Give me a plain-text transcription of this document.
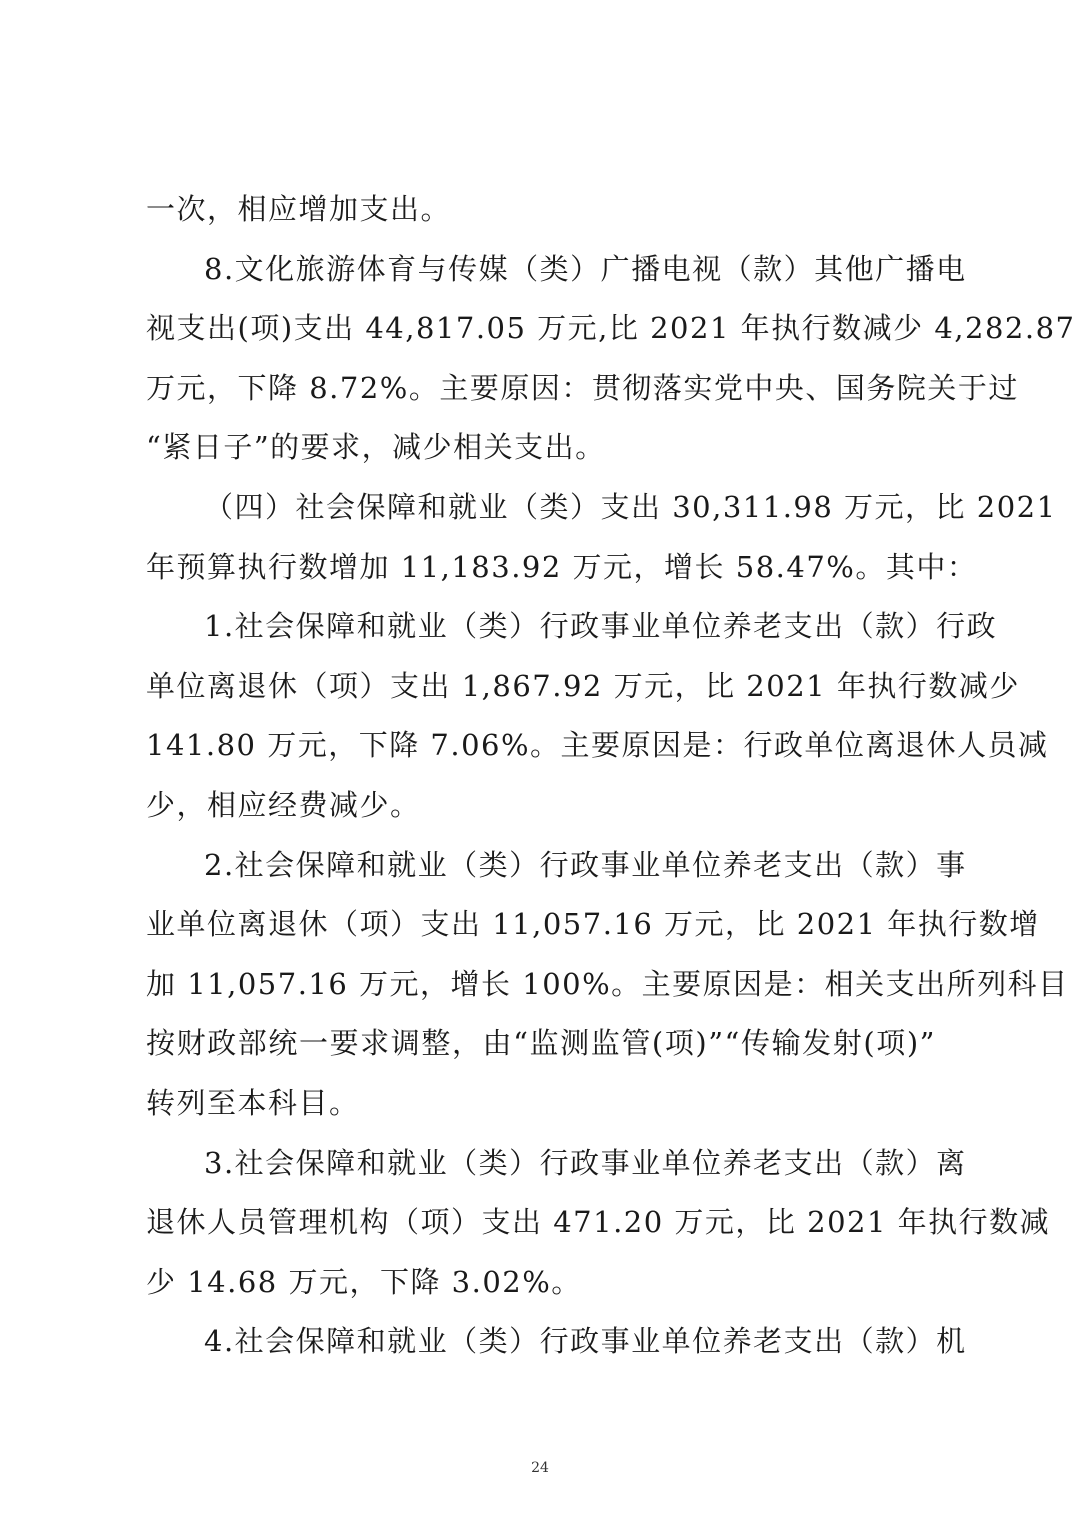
一次，相应增加支出。
8.文化旅游体育与传媒（类）广播电视（款）其他广播电
视支出(项)支出 44,817.05 万元,比 2021 年执行数减少 4,282.87
万元，下降 8.72%。主要原因：贯彻落实党中央、国务院关于过
“紧日子”的要求，减少相关支出。
（四）社会保障和就业（类）支出 30,311.98 万元，比 2021
年预算执行数增加 11,183.92 万元，增长 58.47%。其中：
1.社会保障和就业（类）行政事业单位养老支出（款）行政
单位离退休（项）支出 1,867.92 万元，比 2021 年执行数减少
141.80 万元，下降 7.06%。主要原因是：行政单位离退休人员减
少，相应经费减少。
2.社会保障和就业（类）行政事业单位养老支出（款）事
业单位离退休（项）支出 11,057.16 万元，比 2021 年执行数增
加 11,057.16 万元，增长 100%。主要原因是：相关支出所列科目
按财政部统一要求调整，由“监测监管(项)”“传输发射(项)”
转列至本科目。
3.社会保障和就业（类）行政事业单位养老支出（款）离
退休人员管理机构（项）支出 471.20 万元，比 2021 年执行数减
少 14.68 万元，下降 3.02%。
4.社会保障和就业（类）行政事业单位养老支出（款）机
24
